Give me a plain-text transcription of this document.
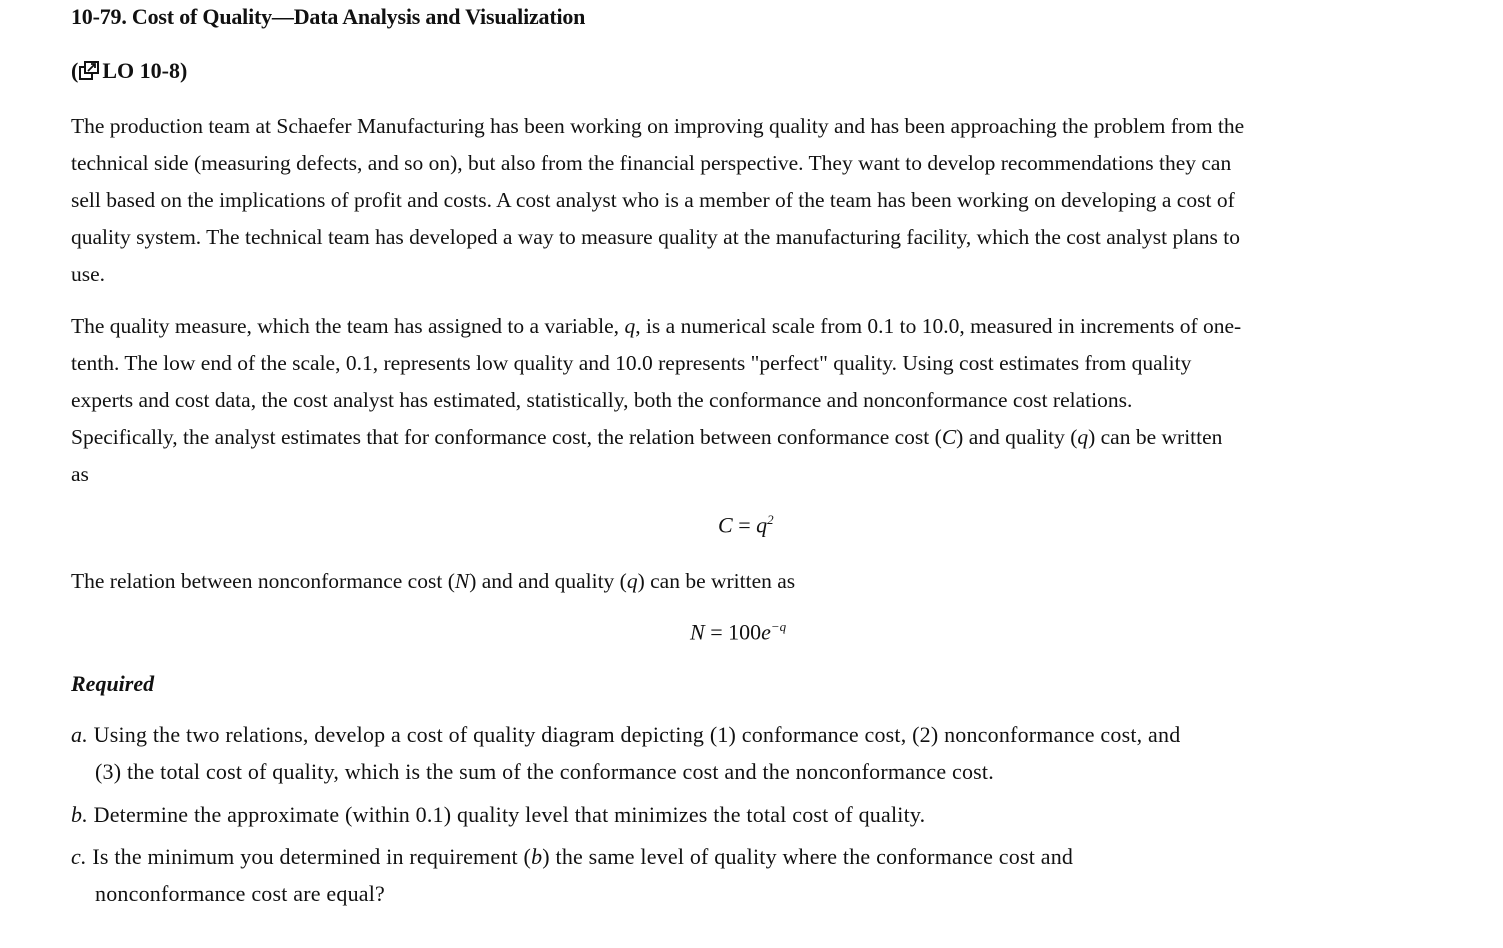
10-79. Cost of Quality—Data Analysis and Visualization
( LO 10-8)
The production team at Schaefer Manufacturing has been working on improving quality and has been approaching the problem from the
technical side (measuring defects, and so on), but also from the financial perspective. They want to develop recommendations they can
sell based on the implications of profit and costs. A cost analyst who is a member of the team has been working on developing a cost of
quality system. The technical team has developed a way to measure quality at the manufacturing facility, which the cost analyst plans to
use.
The quality measure, which the team has assigned to a variable, q, is a numerical scale from 0.1 to 10.0, measured in increments of one-
tenth. The low end of the scale, 0.1, represents low quality and 10.0 represents "perfect" quality. Using cost estimates from quality
experts and cost data, the cost analyst has estimated, statistically, both the conformance and nonconformance cost relations.
Specifically, the analyst estimates that for conformance cost, the relation between conformance cost (C) and quality (q) can be written
as
$C = q^2$
The relation between nonconformance cost (N) and and quality (q) can be written as
$N = 100e^{-q}$
Required
a. Using the two relations, develop a cost of quality diagram depicting (1) conformance cost, (2) nonconformance cost, and
(3) the total cost of quality, which is the sum of the conformance cost and the nonconformance cost.
b. Determine the approximate (within 0.1) quality level that minimizes the total cost of quality.
c. Is the minimum you determined in requirement (b) the same level of quality where the conformance cost and
nonconformance cost are equal?
